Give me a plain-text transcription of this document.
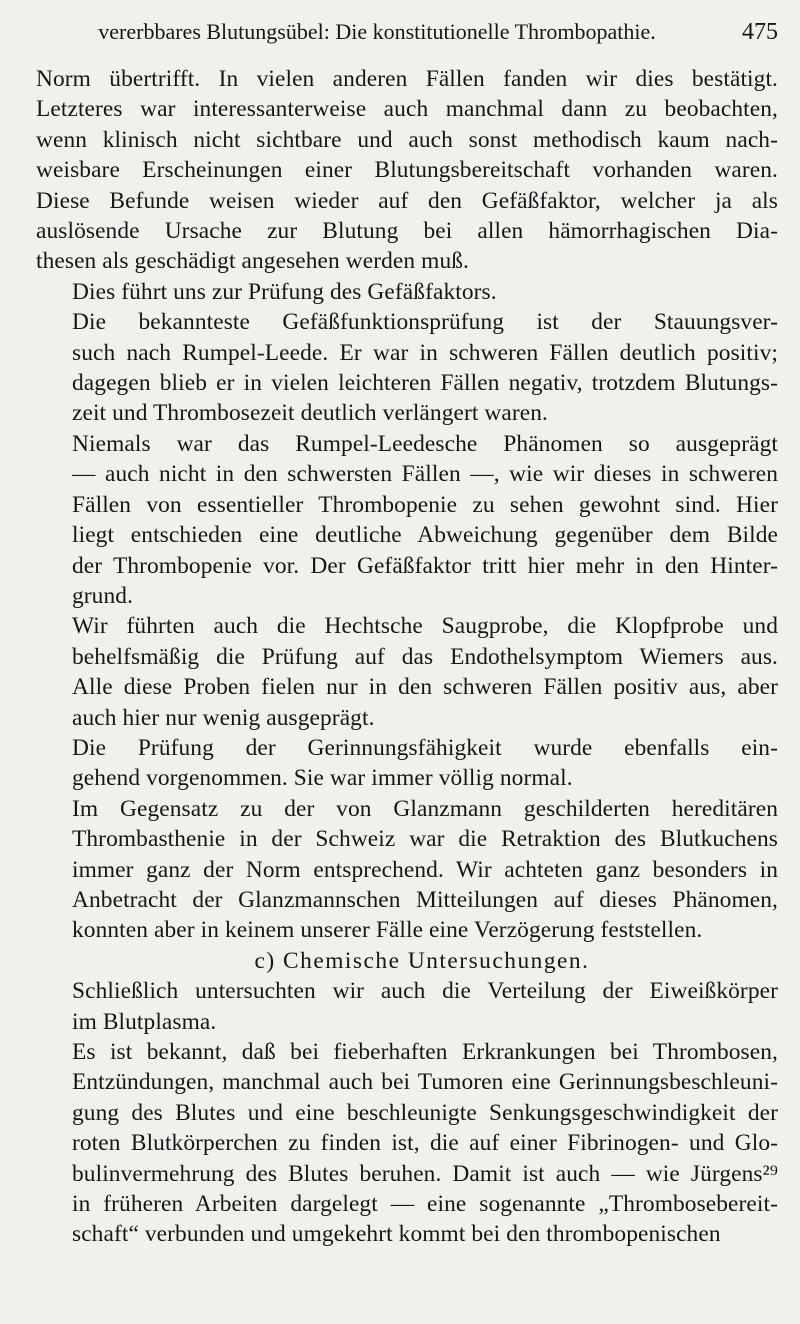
vererbbares Blutungsübel: Die konstitutionelle Thrombopathie.	475

Norm übertrifft. In vielen anderen Fällen fanden wir dies bestätigt.
Letzteres war interessanterweise auch manchmal dann zu beobachten,
wenn klinisch nicht sichtbare und auch sonst methodisch kaum nach-
weisbare Erscheinungen einer Blutungsbereitschaft vorhanden waren.
Diese Befunde weisen wieder auf den Gefäßfaktor, welcher ja als
auslösende Ursache zur Blutung bei allen hämorrhagischen Dia-
thesen als geschädigt angesehen werden muß.

Dies führt uns zur Prüfung des Gefäßfaktors.

Die bekannteste Gefäßfunktionsprüfung ist der Stauungsver-
such nach Rumpel-Leede. Er war in schweren Fällen deutlich positiv;
dagegen blieb er in vielen leichteren Fällen negativ, trotzdem Blutungs-
zeit und Thrombosezeit deutlich verlängert waren.

Niemals war das Rumpel-Leedesche Phänomen so ausgeprägt
— auch nicht in den schwersten Fällen —, wie wir dieses in schweren
Fällen von essentieller Thrombopenie zu sehen gewohnt sind. Hier
liegt entschieden eine deutliche Abweichung gegenüber dem Bilde
der Thrombopenie vor. Der Gefäßfaktor tritt hier mehr in den Hinter-
grund.

Wir führten auch die Hechtsche Saugprobe, die Klopfprobe und
behelfsmäßig die Prüfung auf das Endothelsymptom Wiemers aus.
Alle diese Proben fielen nur in den schweren Fällen positiv aus, aber
auch hier nur wenig ausgeprägt.

Die Prüfung der Gerinnungsfähigkeit wurde ebenfalls ein-
gehend vorgenommen. Sie war immer völlig normal.

Im Gegensatz zu der von Glanzmann geschilderten hereditären
Thrombasthenie in der Schweiz war die Retraktion des Blutkuchens
immer ganz der Norm entsprechend. Wir achteten ganz besonders in
Anbetracht der Glanzmannschen Mitteilungen auf dieses Phänomen,
konnten aber in keinem unserer Fälle eine Verzögerung feststellen.

c) Chemische Untersuchungen.

Schließlich untersuchten wir auch die Verteilung der Eiweißkörper
im Blutplasma.

Es ist bekannt, daß bei fieberhaften Erkrankungen bei Thrombosen,
Entzündungen, manchmal auch bei Tumoren eine Gerinnungsbeschleuni-
gung des Blutes und eine beschleunigte Senkungsgeschwindigkeit der
roten Blutkörperchen zu finden ist, die auf einer Fibrinogen- und Glo-
bulinvermehrung des Blutes beruhen. Damit ist auch — wie Jürgens²⁹
in früheren Arbeiten dargelegt — eine sogenannte „Thrombosebereit-
schaft“ verbunden und umgekehrt kommt bei den thrombopenischen
